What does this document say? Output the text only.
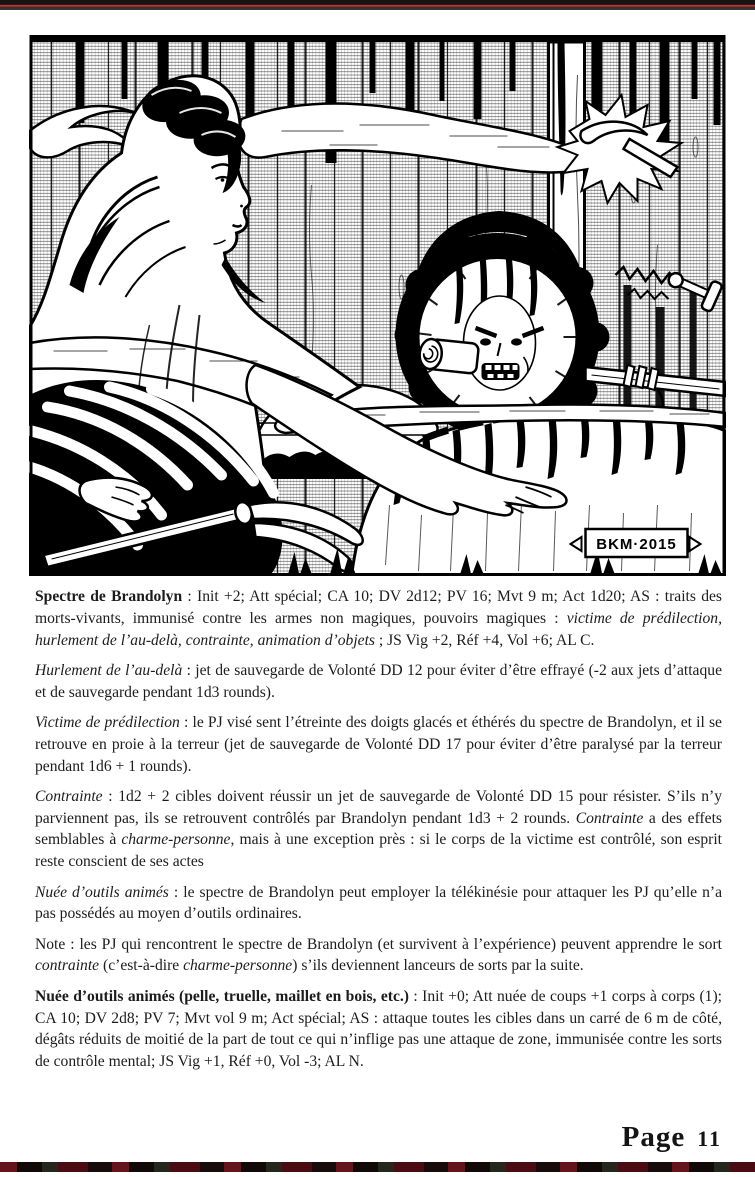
BKM·2015

Spectre de Brandolyn : Init +2; Att spécial; CA 10; DV 2d12; PV 16; Mvt 9 m; Act 1d20; AS : traits des morts-vivants, immunisé contre les armes non magiques, pouvoirs magiques : victime de prédilection, hurlement de l’au-delà, contrainte, animation d’objets ; JS Vig +2, Réf +4, Vol +6; AL C.

Hurlement de l’au-delà : jet de sauvegarde de Volonté DD 12 pour éviter d’être effrayé (-2 aux jets d’attaque et de sauvegarde pendant 1d3 rounds).

Victime de prédilection : le PJ visé sent l’étreinte des doigts glacés et éthérés du spectre de Brandolyn, et il se retrouve en proie à la terreur (jet de sauvegarde de Volonté DD 17 pour éviter d’être paralysé par la terreur pendant 1d6 + 1 rounds).

Contrainte : 1d2 + 2 cibles doivent réussir un jet de sauvegarde de Volonté DD 15 pour résister. S’ils n’y parviennent pas, ils se retrouvent contrôlés par Brandolyn pendant 1d3 + 2 rounds. Contrainte a des effets semblables à charme-personne, mais à une exception près : si le corps de la victime est contrôlé, son esprit reste conscient de ses actes

Nuée d’outils animés : le spectre de Brandolyn peut employer la télékinésie pour attaquer les PJ qu’elle n’a pas possédés au moyen d’outils ordinaires.

Note : les PJ qui rencontrent le spectre de Brandolyn (et survivent à l’expérience) peuvent apprendre le sort contrainte (c’est-à-dire charme-personne) s’ils deviennent lanceurs de sorts par la suite.

Nuée d’outils animés (pelle, truelle, maillet en bois, etc.) : Init +0; Att nuée de coups +1 corps à corps (1); CA 10; DV 2d8; PV 7; Mvt vol 9 m; Act spécial; AS : attaque toutes les cibles dans un carré de 6 m de côté, dégâts réduits de moitié de la part de tout ce qui n’inflige pas une attaque de zone, immunisée contre les sorts de contrôle mental; JS Vig +1, Réf +0, Vol -3; AL N.

Page 11
